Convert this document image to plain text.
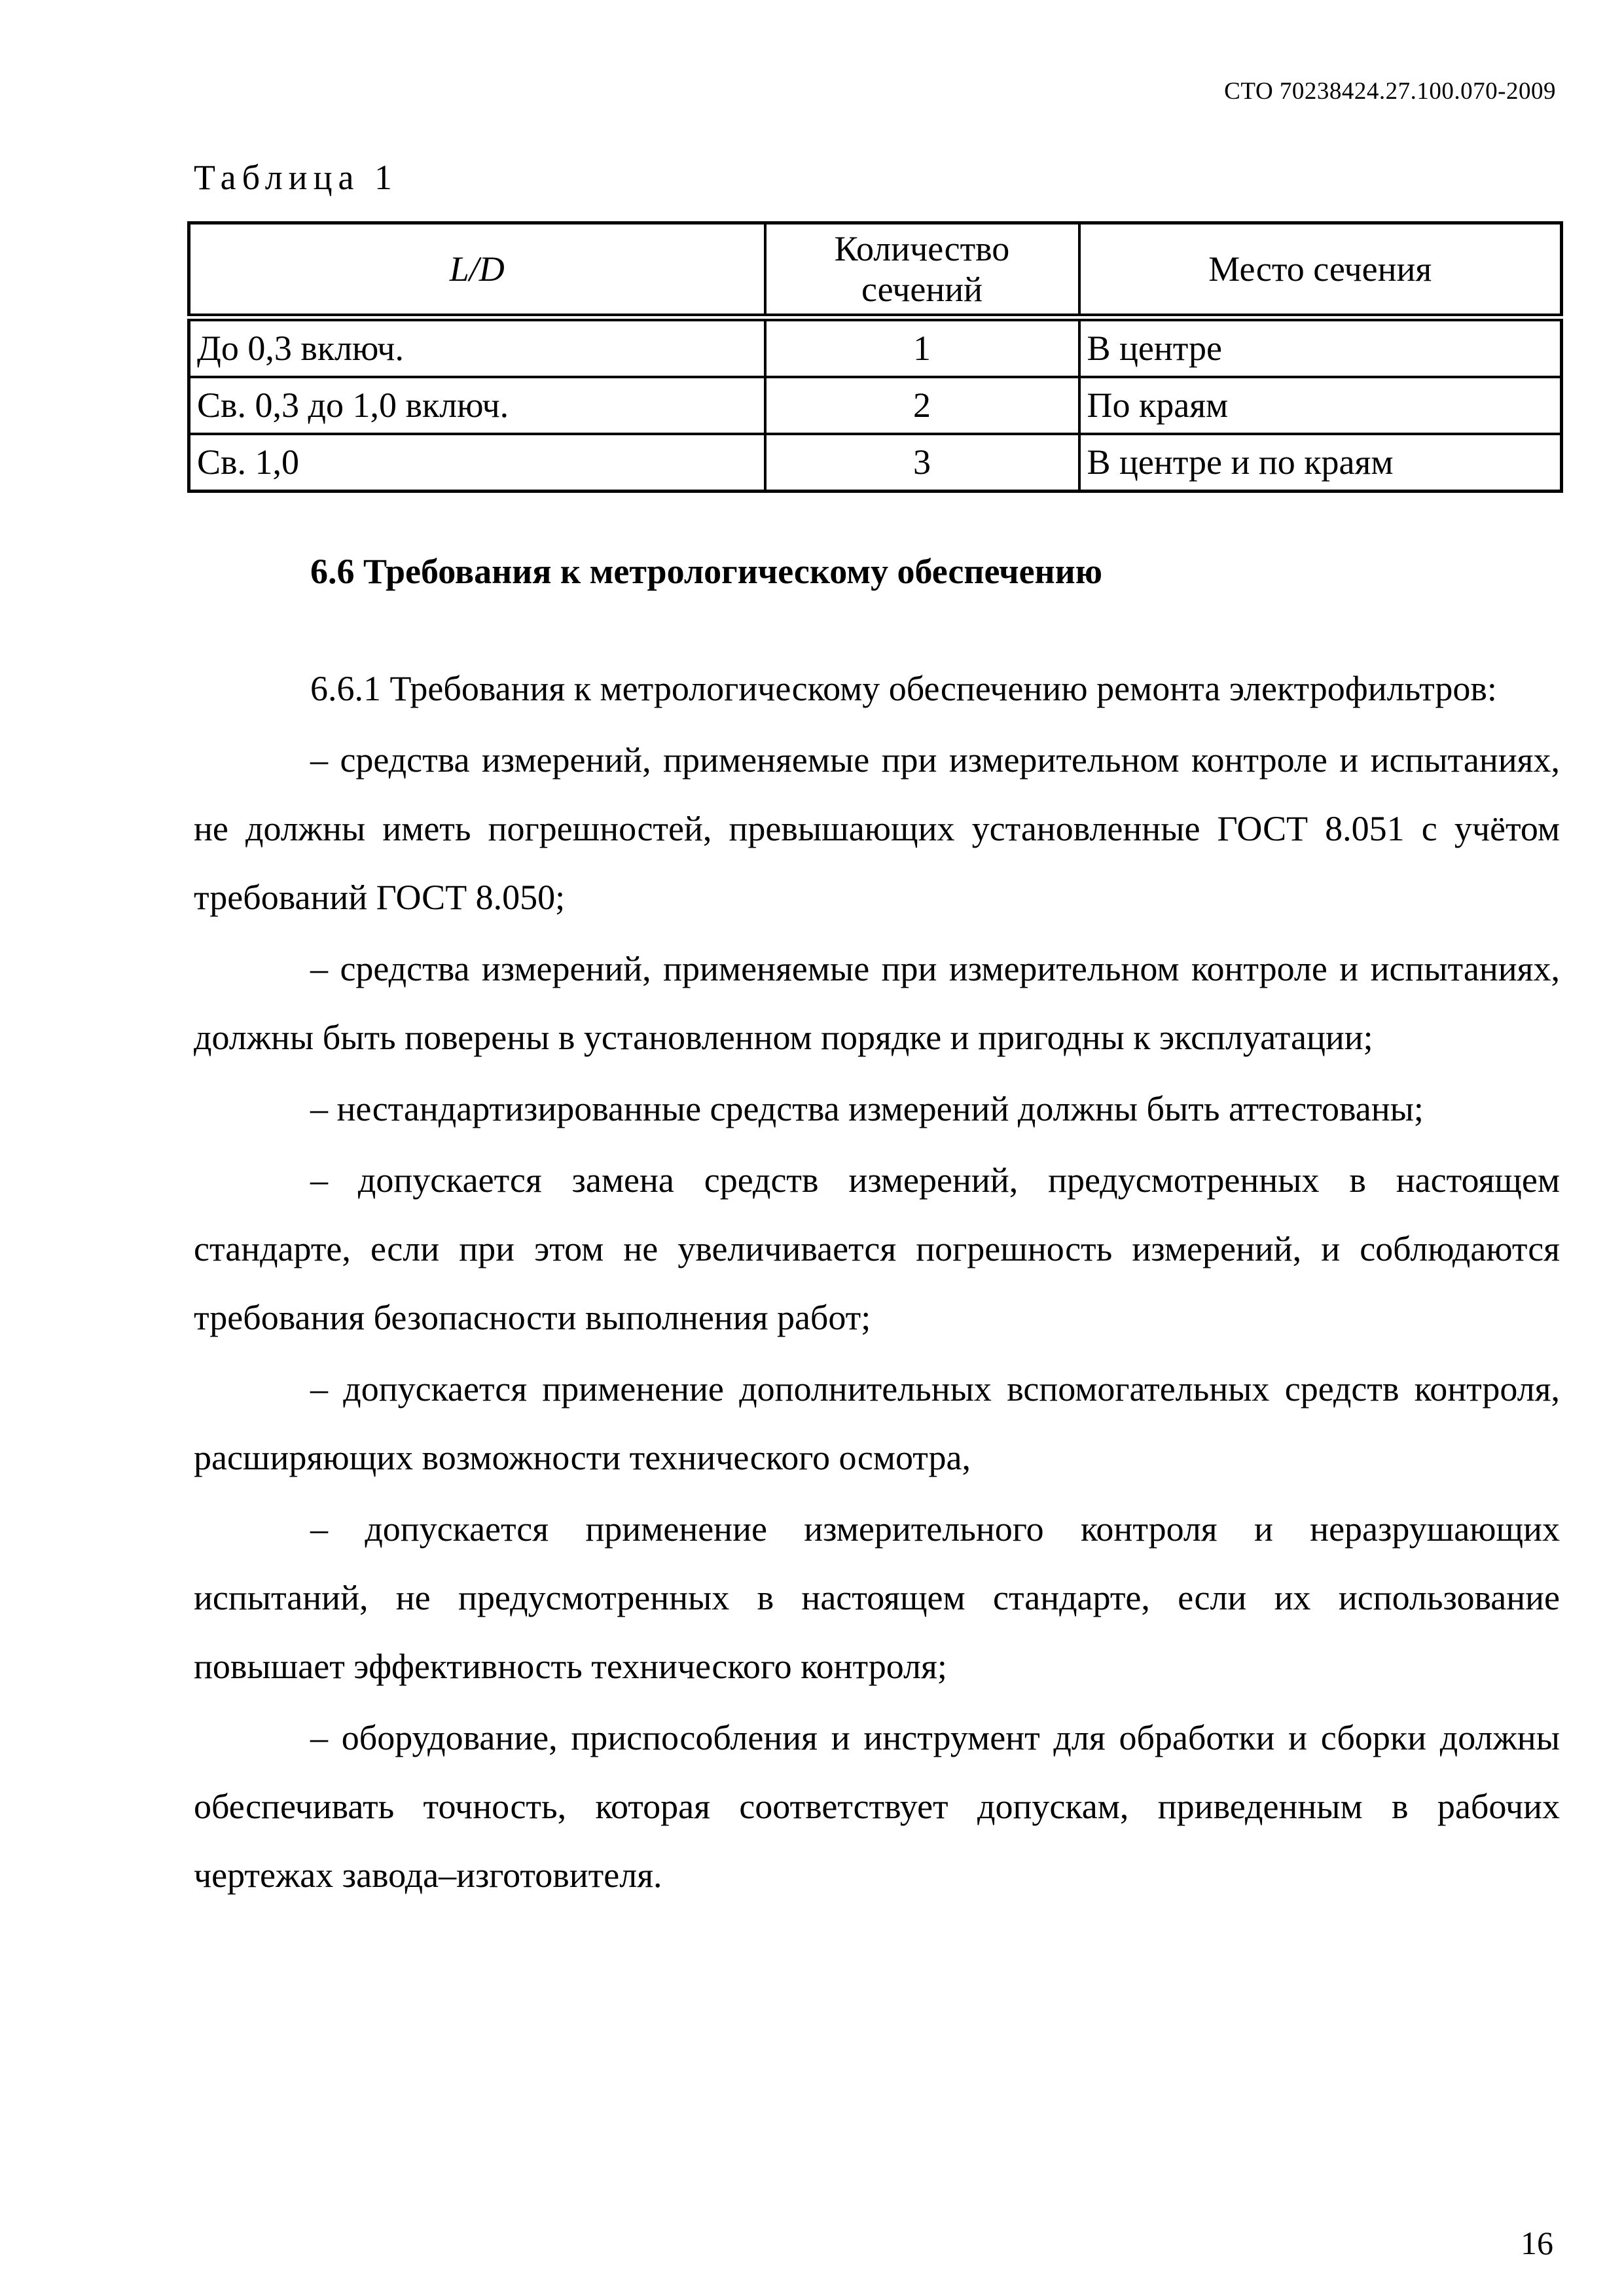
СТО 70238424.27.100.070-2009
Таблица 1
L/D	Количество сечений	Место сечения
До 0,3 включ.	1	В центре
Св. 0,3 до 1,0 включ.	2	По краям
Св. 1,0	3	В центре и по краям
6.6 Требования к метрологическому обеспечению

6.6.1 Требования к метрологическому обеспечению ремонта электрофильтров:

– средства измерений, применяемые при измерительном контроле и испытаниях, не должны иметь погрешностей, превышающих установленные ГОСТ 8.051 с учётом требований ГОСТ 8.050;

– средства измерений, применяемые при измерительном контроле и испытаниях, должны быть поверены в установленном порядке и пригодны к эксплуатации;

– нестандартизированные средства измерений должны быть аттестованы;

– допускается замена средств измерений, предусмотренных в настоящем стандарте, если при этом не увеличивается погрешность измерений, и соблюдаются требования безопасности выполнения работ;

– допускается применение дополнительных вспомогательных средств контроля, расширяющих возможности технического осмотра,

– допускается применение измерительного контроля и неразрушающих испытаний, не предусмотренных в настоящем стандарте, если их использование повышает эффективность технического контроля;

– оборудование, приспособления и инструмент для обработки и сборки должны обеспечивать точность, которая соответствует допускам, приведенным в рабочих чертежах завода–изготовителя.

16
